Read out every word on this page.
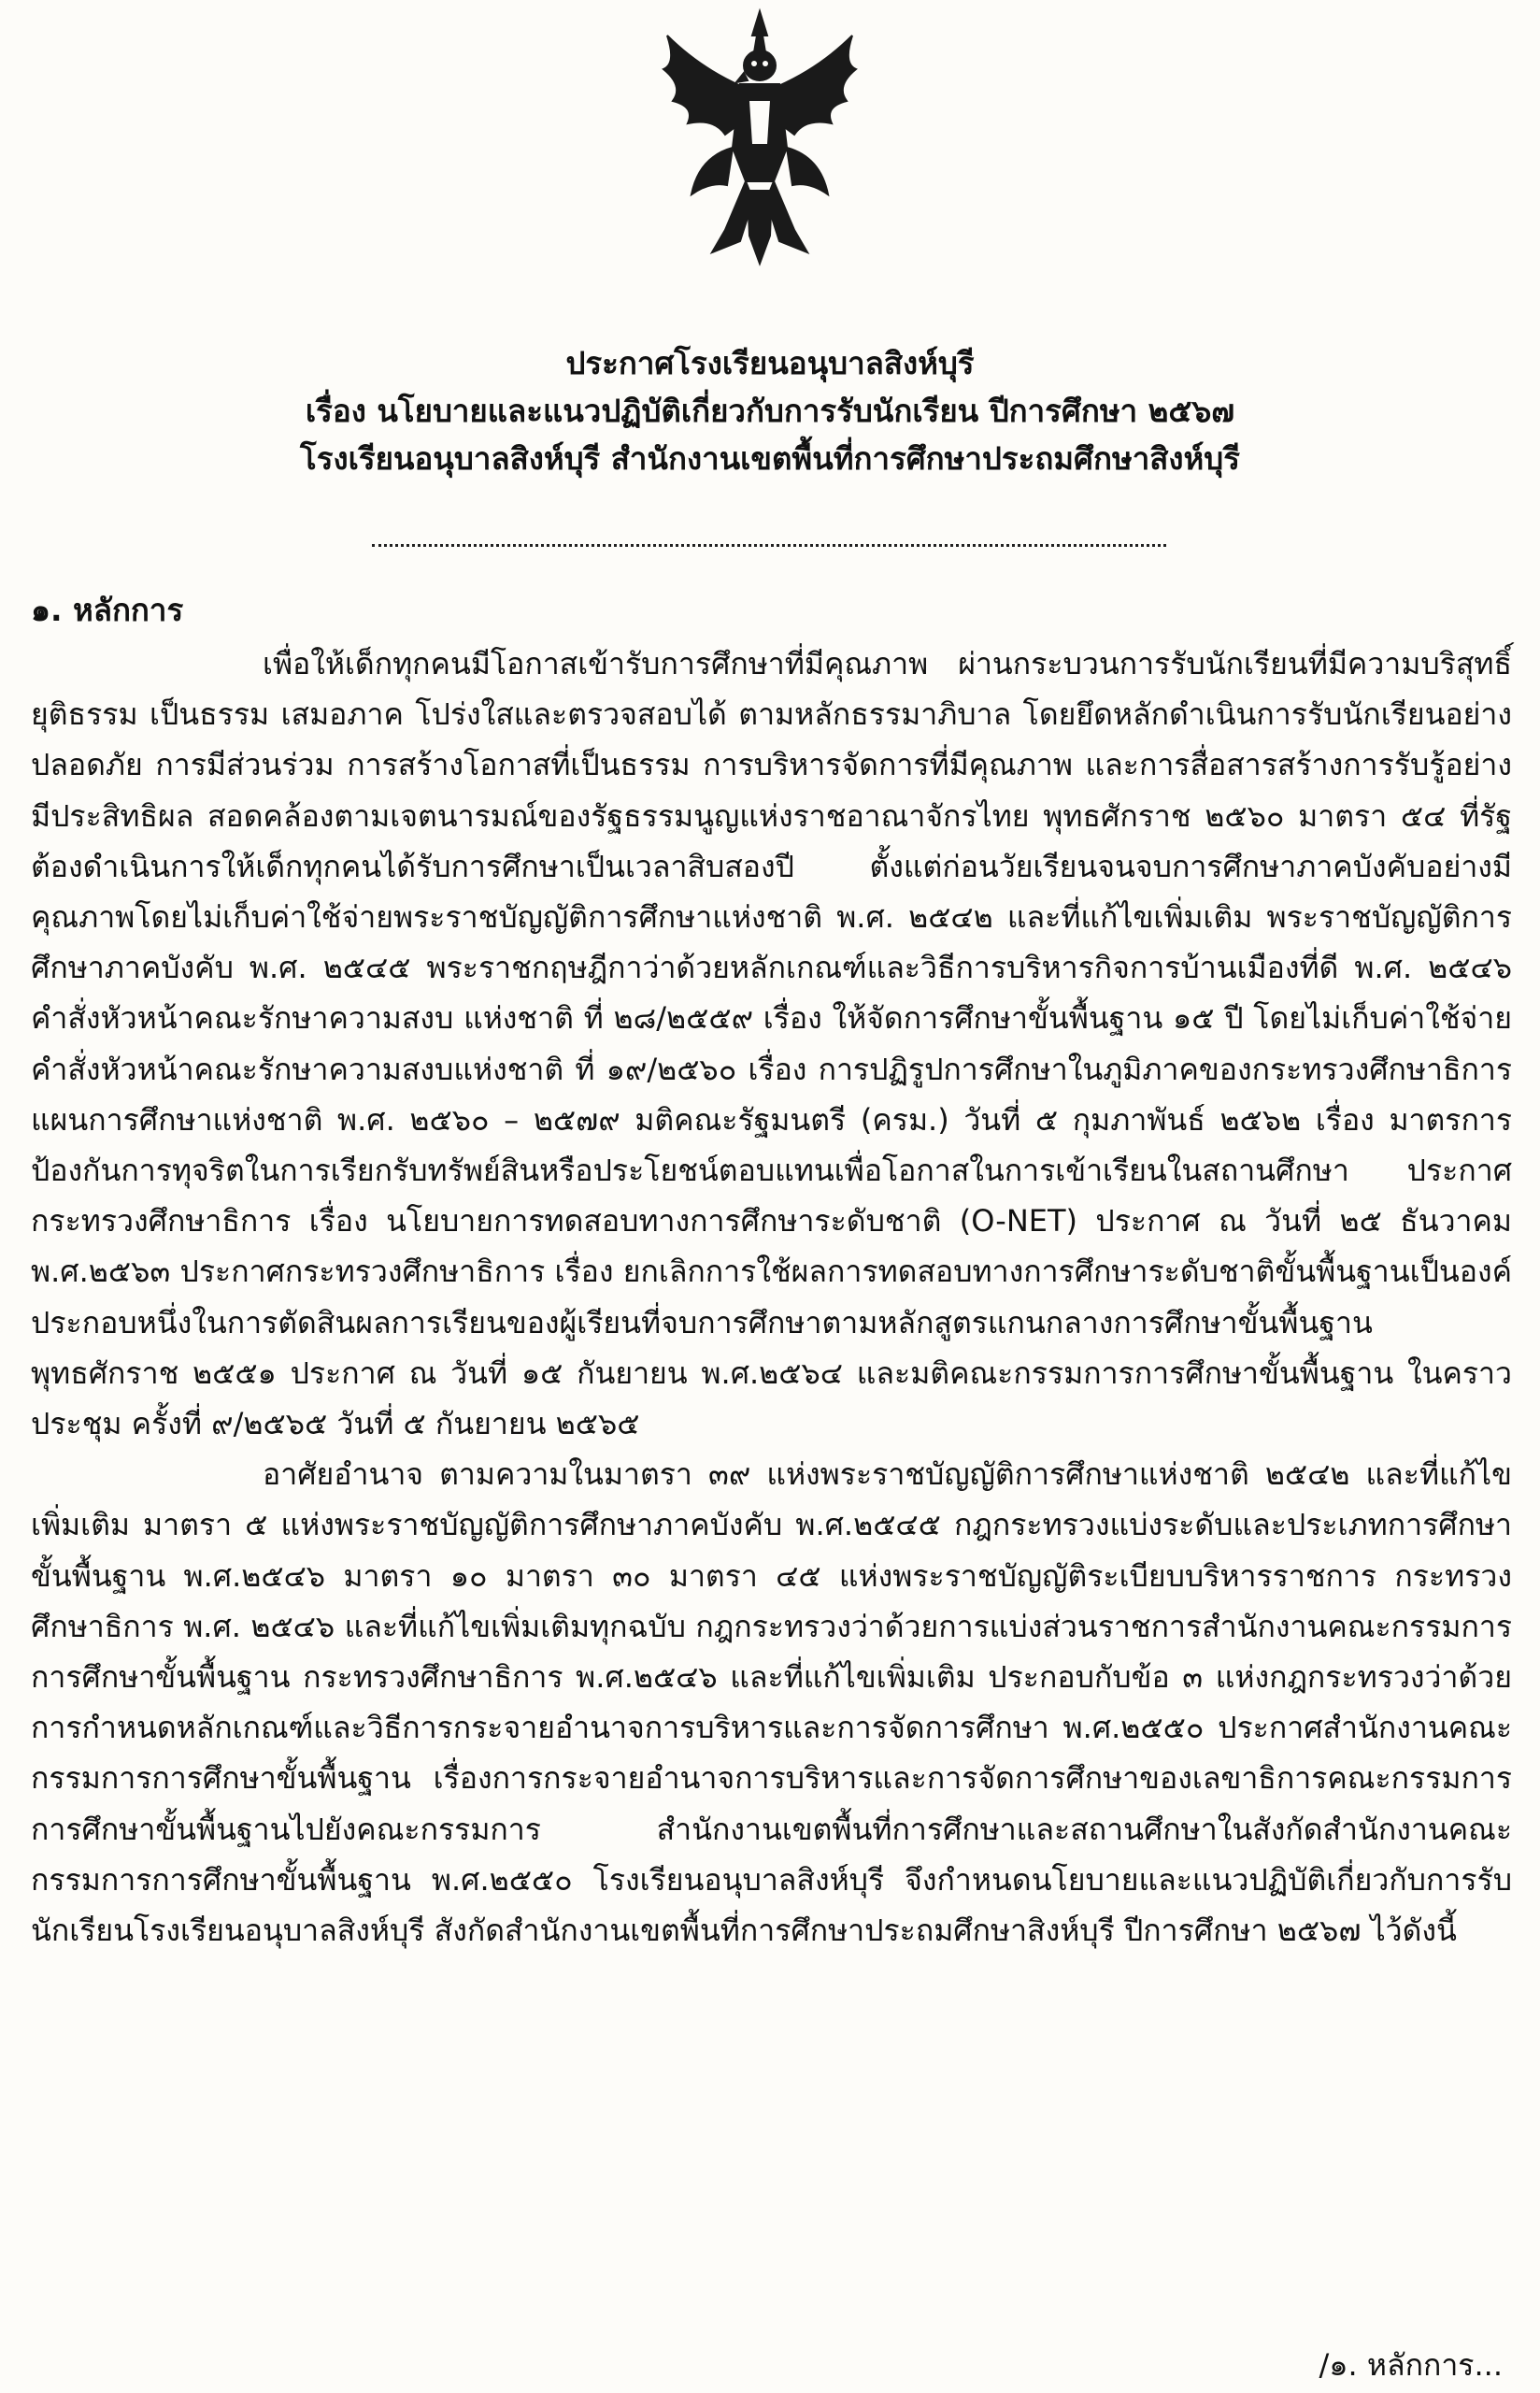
ประกาศโรงเรียนอนุบาลสิงห์บุรี
เรื่อง นโยบายและแนวปฏิบัติเกี่ยวกับการรับนักเรียน ปีการศึกษา ๒๕๖๗
โรงเรียนอนุบาลสิงห์บุรี สำนักงานเขตพื้นที่การศึกษาประถมศึกษาสิงห์บุรี
๑. หลักการ

เพื่อให้เด็กทุกคนมีโอกาสเข้ารับการศึกษาที่มีคุณภาพ ผ่านกระบวนการรับนักเรียนที่มีความบริสุทธิ์ ยุติธรรม เป็นธรรม เสมอภาค โปร่งใสและตรวจสอบได้ ตามหลักธรรมาภิบาล โดยยึดหลักดำเนินการรับนักเรียนอย่างปลอดภัย การมีส่วนร่วม การสร้างโอกาสที่เป็นธรรม การบริหารจัดการที่มีคุณภาพ และการสื่อสารสร้างการรับรู้อย่างมีประสิทธิผล สอดคล้องตามเจตนารมณ์ของรัฐธรรมนูญแห่งราชอาณาจักรไทย พุทธศักราช ๒๕๖๐ มาตรา ๕๔ ที่รัฐต้องดำเนินการให้เด็กทุกคนได้รับการศึกษาเป็นเวลาสิบสองปี ตั้งแต่ก่อนวัยเรียนจนจบการศึกษาภาคบังคับอย่างมีคุณภาพโดยไม่เก็บค่าใช้จ่ายพระราชบัญญัติการศึกษาแห่งชาติ พ.ศ. ๒๕๔๒ และที่แก้ไขเพิ่มเติม พระราชบัญญัติการศึกษาภาคบังคับ พ.ศ. ๒๕๔๕ พระราชกฤษฎีกาว่าด้วยหลักเกณฑ์และวิธีการบริหารกิจการบ้านเมืองที่ดี พ.ศ. ๒๕๔๖ คำสั่งหัวหน้าคณะรักษาความสงบ แห่งชาติ ที่ ๒๘/๒๕๕๙ เรื่อง ให้จัดการศึกษาขั้นพื้นฐาน ๑๕ ปี โดยไม่เก็บค่าใช้จ่าย คำสั่งหัวหน้าคณะรักษาความสงบแห่งชาติ ที่ ๑๙/๒๕๖๐ เรื่อง การปฏิรูปการศึกษาในภูมิภาคของกระทรวงศึกษาธิการ แผนการศึกษาแห่งชาติ พ.ศ. ๒๕๖๐ – ๒๕๗๙ มติคณะรัฐมนตรี (ครม.) วันที่ ๕ กุมภาพันธ์ ๒๕๖๒ เรื่อง มาตรการป้องกันการทุจริตในการเรียกรับทรัพย์สินหรือประโยชน์ตอบแทนเพื่อโอกาสในการเข้าเรียนในสถานศึกษา ประกาศกระทรวงศึกษาธิการ เรื่อง นโยบายการทดสอบทางการศึกษาระดับชาติ (O-NET) ประกาศ ณ วันที่ ๒๕ ธันวาคม พ.ศ.๒๕๖๓ ประกาศกระทรวงศึกษาธิการ เรื่อง ยกเลิกการใช้ผลการทดสอบทางการศึกษาระดับชาติขั้นพื้นฐานเป็นองค์ประกอบหนึ่งในการตัดสินผลการเรียนของผู้เรียนที่จบการศึกษาตามหลักสูตรแกนกลางการศึกษาขั้นพื้นฐาน พุทธศักราช ๒๕๕๑ ประกาศ ณ วันที่ ๑๕ กันยายน พ.ศ.๒๕๖๔ และมติคณะกรรมการการศึกษาขั้นพื้นฐาน ในคราวประชุม ครั้งที่ ๙/๒๕๖๕ วันที่ ๕ กันยายน ๒๕๖๕

อาศัยอำนาจ ตามความในมาตรา ๓๙ แห่งพระราชบัญญัติการศึกษาแห่งชาติ ๒๕๔๒ และที่แก้ไขเพิ่มเติม มาตรา ๕ แห่งพระราชบัญญัติการศึกษาภาคบังคับ พ.ศ.๒๕๔๕ กฎกระทรวงแบ่งระดับและประเภทการศึกษาขั้นพื้นฐาน พ.ศ.๒๕๔๖ มาตรา ๑๐ มาตรา ๓๐ มาตรา ๔๕ แห่งพระราชบัญญัติระเบียบบริหารราชการ กระทรวงศึกษาธิการ พ.ศ. ๒๕๔๖ และที่แก้ไขเพิ่มเติมทุกฉบับ กฎกระทรวงว่าด้วยการแบ่งส่วนราชการสำนักงานคณะกรรมการการศึกษาขั้นพื้นฐาน กระทรวงศึกษาธิการ พ.ศ.๒๕๔๖ และที่แก้ไขเพิ่มเติม ประกอบกับข้อ ๓ แห่งกฎกระทรวงว่าด้วยการกำหนดหลักเกณฑ์และวิธีการกระจายอำนาจการบริหารและการจัดการศึกษา พ.ศ.๒๕๕๐ ประกาศสำนักงานคณะกรรมการการศึกษาขั้นพื้นฐาน เรื่องการกระจายอำนาจการบริหารและการจัดการศึกษาของเลขาธิการคณะกรรมการการศึกษาขั้นพื้นฐานไปยังคณะกรรมการ สำนักงานเขตพื้นที่การศึกษาและสถานศึกษาในสังกัดสำนักงานคณะกรรมการการศึกษาขั้นพื้นฐาน พ.ศ.๒๕๕๐ โรงเรียนอนุบาลสิงห์บุรี จึงกำหนดนโยบายและแนวปฏิบัติเกี่ยวกับการรับนักเรียนโรงเรียนอนุบาลสิงห์บุรี สังกัดสำนักงานเขตพื้นที่การศึกษาประถมศึกษาสิงห์บุรี ปีการศึกษา ๒๕๖๗ ไว้ดังนี้

/๑. หลักการ...
